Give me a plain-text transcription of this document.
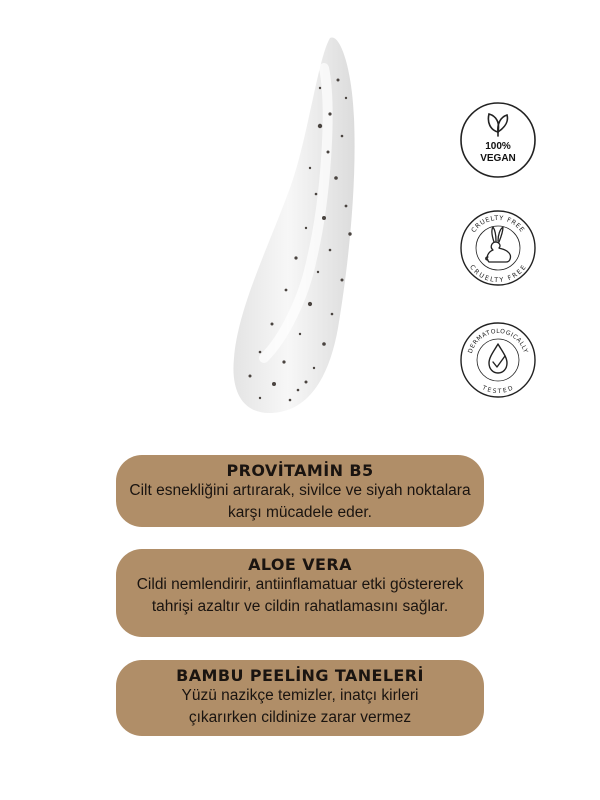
100%
VEGAN
CRUELTY FREE
CRUELTY FREE
DERMATOLOGICALLY
TESTED
PROVİTAMİN B5

Cilt esnekliğini artırarak, sivilce ve siyah noktalara karşı mücadele eder.

ALOE VERA

Cildi nemlendirir, antiinflamatuar etki göstererek tahrişi azaltır ve cildin rahatlamasını sağlar.

BAMBU PEELİNG TANELERİ

Yüzü nazikçe temizler, inatçı kirleri çıkarırken cildinize zarar vermez
